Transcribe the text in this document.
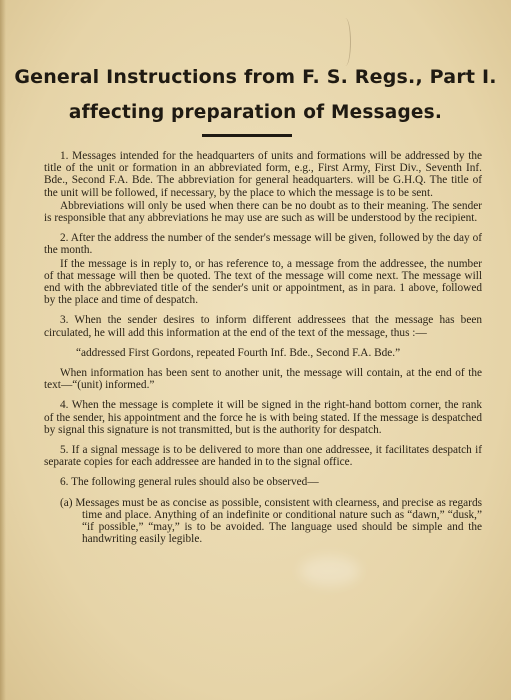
General Instructions from F. S. Regs., Part I.
affecting preparation of Messages.

1. Messages intended for the headquarters of units and formations will be addressed by the title of the unit or formation in an abbreviated form, e.g., First Army, First Div., Seventh Inf. Bde., Second F.A. Bde. The abbreviation for general headquarters. will be G.H.Q. The title of the unit will be followed, if necessary, by the place to which the message is to be sent.

Abbreviations will only be used when there can be no doubt as to their meaning. The sender is responsible that any abbreviations he may use are such as will be understood by the recipient.

2. After the address the number of the sender's message will be given, followed by the day of the month.

If the message is in reply to, or has reference to, a message from the addressee, the number of that message will then be quoted. The text of the message will come next. The message will end with the abbreviated title of the sender's unit or appointment, as in para. 1 above, followed by the place and time of despatch.

3. When the sender desires to inform different addressees that the message has been circulated, he will add this information at the end of the text of the message, thus :—

“addressed First Gordons, repeated Fourth Inf. Bde., Second F.A. Bde.”

When information has been sent to another unit, the message will contain, at the end of the text—“(unit) informed.”

4. When the message is complete it will be signed in the right-hand bottom corner, the rank of the sender, his appointment and the force he is with being stated. If the message is despatched by signal this signature is not transmitted, but is the authority for despatch.

5. If a signal message is to be delivered to more than one addressee, it facilitates despatch if separate copies for each addressee are handed in to the signal office.

6. The following general rules should also be observed—

(a) Messages must be as concise as possible, consistent with clearness, and precise as regards time and place. Anything of an indefinite or conditional nature such as “dawn,” “dusk,” “if possible,” “may,” is to be avoided. The language used should be simple and the handwriting easily legible.
